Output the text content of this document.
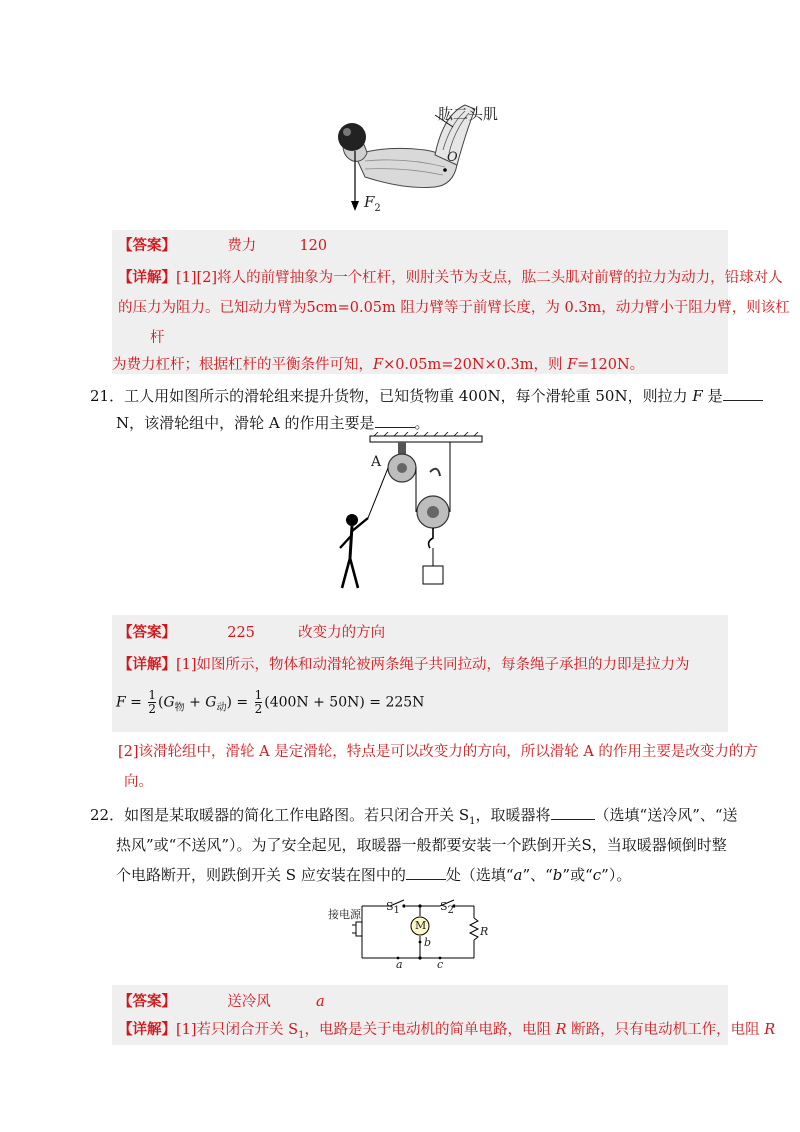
肱二头肌
O
$F_2$
【答案】	费力	120
【详解】[1][2]将人的前臂抽象为一个杠杆，则肘关节为支点，肱二头肌对前臂的拉力为动力，铅球对人
的压力为阻力。已知动力臂为5cm=0.05m 阻力臂等于前臂长度，为 0.3m，动力臂小于阻力臂，则该杠
杆
为费力杠杆；根据杠杆的平衡条件可知，F×0.05m=20N×0.3m，则 F=120N。
21．工人用如图所示的滑轮组来提升货物，已知货物重 400N，每个滑轮重 50N，则拉力 F 是
N，该滑轮组中，滑轮 A 的作用主要是	。
A
【答案】	225	改变力的方向
【详解】[1]如图所示，物体和动滑轮被两条绳子共同拉动，每条绳子承担的力即是拉力为
$F = \frac{1}{2} (G_物 + G_动) = \frac{1}{2} (400N + 50N) = 225N$
[2]该滑轮组中，滑轮 A 是定滑轮，特点是可以改变力的方向，所以滑轮 A 的作用主要是改变力的方
向。
22．如图是某取暖器的简化工作电路图。若只闭合开关 $S_1$，取暖器将	（选填“送冷风”、“送
热风”或“不送风”）。为了安全起见，取暖器一般都要安装一个跌倒开关S，当取暖器倾倒时整
个电路断开，则跌倒开关 S 应安装在图中的	处（选填“a”、“b”或“c”）。
接电源
$S_1$	$S_2$
M	R
b
a	c
【答案】	送冷风	a
【详解】[1]若只闭合开关 $S_1$，电路是关于电动机的简单电路，电阻 R 断路，只有电动机工作，电阻 R
